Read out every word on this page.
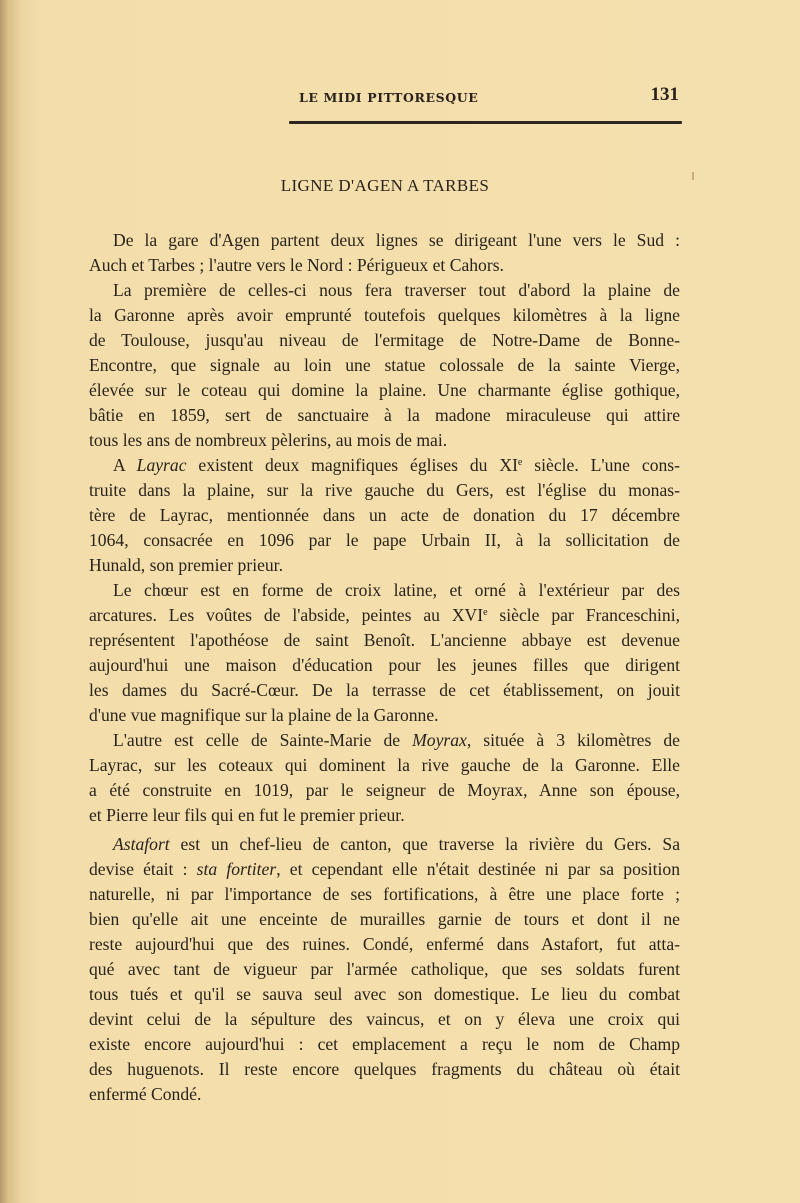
LE MIDI PITTORESQUE	131
LIGNE D'AGEN A TARBES
De la gare d'Agen partent deux lignes se dirigeant l'une vers le Sud :
Auch et Tarbes ; l'autre vers le Nord : Périgueux et Cahors.
La première de celles-ci nous fera traverser tout d'abord la plaine de
la Garonne après avoir emprunté toutefois quelques kilomètres à la ligne
de Toulouse, jusqu'au niveau de l'ermitage de Notre-Dame de Bonne-
Encontre, que signale au loin une statue colossale de la sainte Vierge,
élevée sur le coteau qui domine la plaine. Une charmante église gothique,
bâtie en 1859, sert de sanctuaire à la madone miraculeuse qui attire
tous les ans de nombreux pèlerins, au mois de mai.
A Layrac existent deux magnifiques églises du XIe siècle. L'une cons-
truite dans la plaine, sur la rive gauche du Gers, est l'église du monas-
tère de Layrac, mentionnée dans un acte de donation du 17 décembre
1064, consacrée en 1096 par le pape Urbain II, à la sollicitation de
Hunald, son premier prieur.
Le chœur est en forme de croix latine, et orné à l'extérieur par des
arcatures. Les voûtes de l'abside, peintes au XVIe siècle par Franceschini,
représentent l'apothéose de saint Benoît. L'ancienne abbaye est devenue
aujourd'hui une maison d'éducation pour les jeunes filles que dirigent
les dames du Sacré-Cœur. De la terrasse de cet établissement, on jouit
d'une vue magnifique sur la plaine de la Garonne.
L'autre est celle de Sainte-Marie de Moyrax, située à 3 kilomètres de
Layrac, sur les coteaux qui dominent la rive gauche de la Garonne. Elle
a été construite en 1019, par le seigneur de Moyrax, Anne son épouse,
et Pierre leur fils qui en fut le premier prieur.
Astafort est un chef-lieu de canton, que traverse la rivière du Gers. Sa
devise était : sta fortiter, et cependant elle n'était destinée ni par sa position
naturelle, ni par l'importance de ses fortifications, à être une place forte ;
bien qu'elle ait une enceinte de murailles garnie de tours et dont il ne
reste aujourd'hui que des ruines. Condé, enfermé dans Astafort, fut atta-
qué avec tant de vigueur par l'armée catholique, que ses soldats furent
tous tués et qu'il se sauva seul avec son domestique. Le lieu du combat
devint celui de la sépulture des vaincus, et on y éleva une croix qui
existe encore aujourd'hui : cet emplacement a reçu le nom de Champ
des huguenots. Il reste encore quelques fragments du château où était
enfermé Condé.
